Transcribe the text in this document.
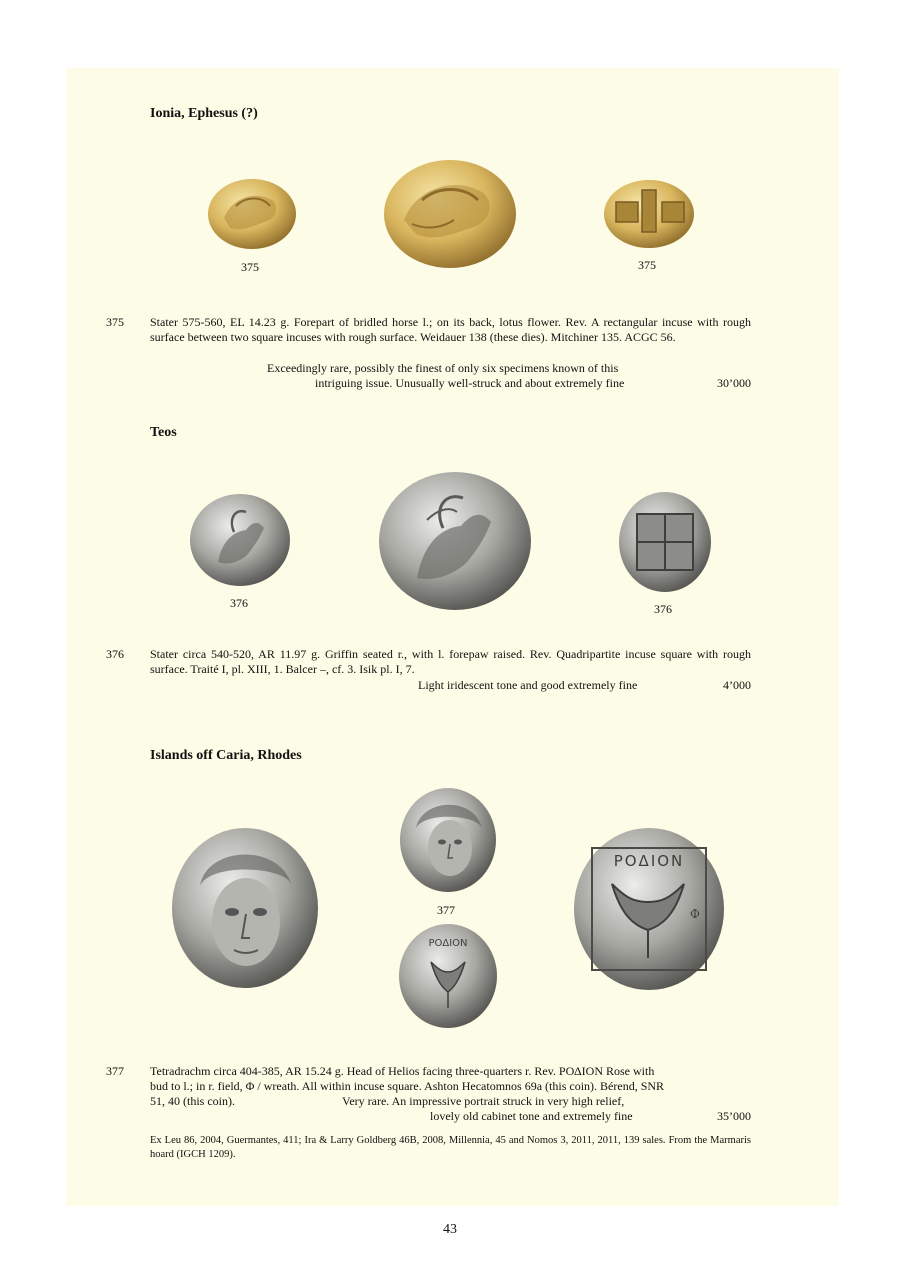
Ionia, Ephesus (?)
375	375
375 Stater 575-560, EL 14.23 g. Forepart of bridled horse l.; on its back, lotus flower. Rev. A rectangular incuse with rough surface between two square incuses with rough surface. Weidauer 138 (these dies). Mitchiner 135. ACGC 56.
Exceedingly rare, possibly the finest of only six specimens known of this
intriguing issue. Unusually well-struck and about extremely fine	30’000
Teos
376	376
376 Stater circa 540-520, AR 11.97 g. Griffin seated r., with l. forepaw raised. Rev. Quadripartite incuse square with rough surface. Traité I, pl. XIII, 1. Balcer –, cf. 3. Isik pl. I, 7.
Light iridescent tone and good extremely fine	4’000
Islands off Caria, Rhodes
377
ΡΟΔΙΟΝ
ΡΟΔΙΟΝ
Φ
377 Tetradrachm circa 404-385, AR 15.24 g. Head of Helios facing three-quarters r. Rev. ΡΟΔΙΟΝ Rose with
bud to l.; in r. field, Φ / wreath. All within incuse square. Ashton Hecatomnos 69a (this coin). Bérend, SNR
51, 40 (this coin).	Very rare. An impressive portrait struck in very high relief,
lovely old cabinet tone and extremely fine	35’000
Ex Leu 86, 2004, Guermantes, 411; Ira & Larry Goldberg 46B, 2008, Millennia, 45 and Nomos 3, 2011, 2011, 139 sales. From the Marmaris hoard (IGCH 1209).
43
